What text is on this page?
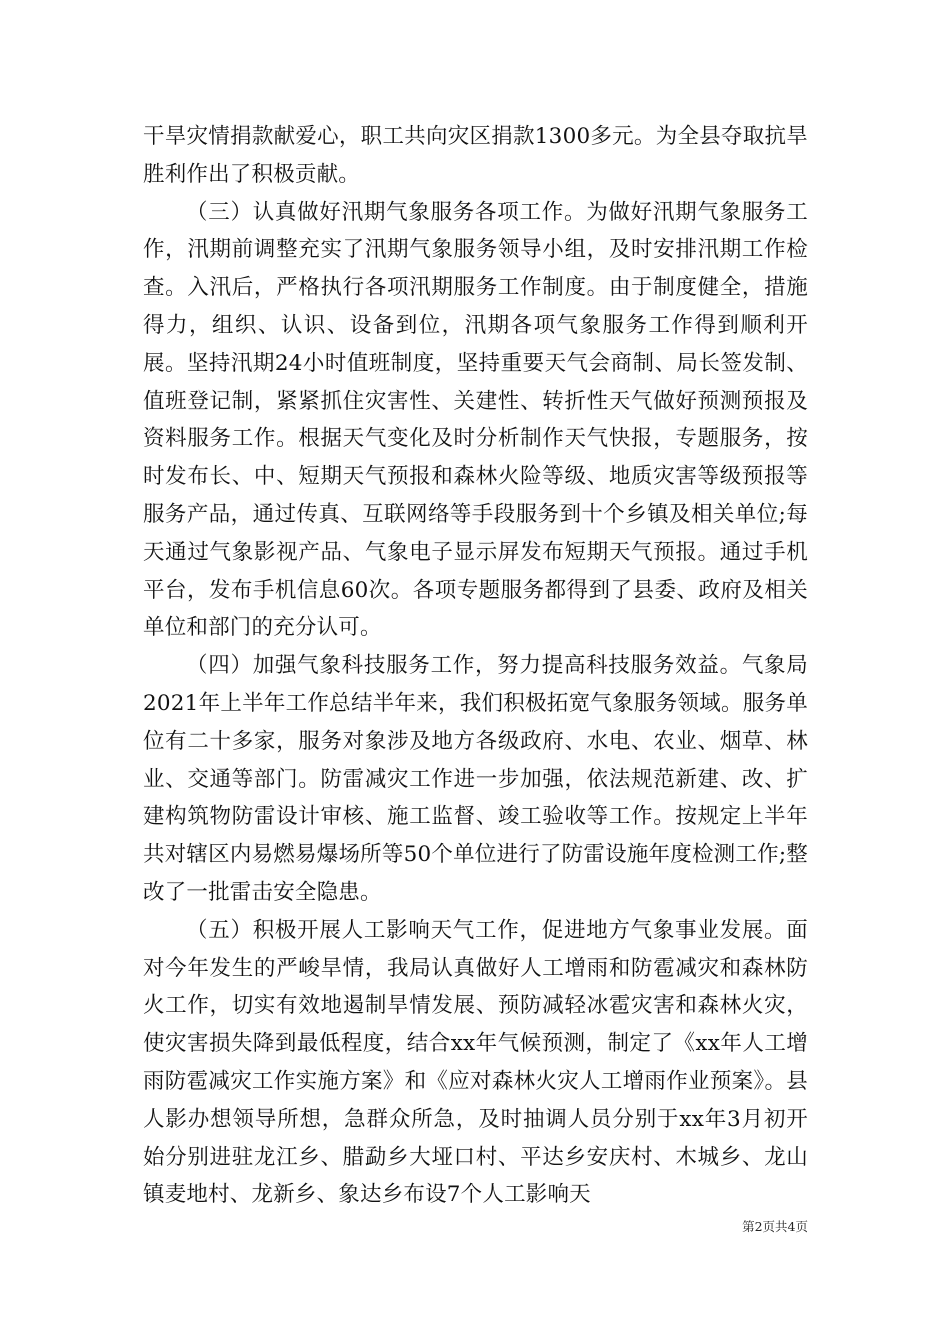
干旱灾情捐款献爱心，职工共向灾区捐款1300多元。为全县夺取抗旱胜利作出了积极贡献。

（三）认真做好汛期气象服务各项工作。为做好汛期气象服务工作，汛期前调整充实了汛期气象服务领导小组，及时安排汛期工作检查。入汛后，严格执行各项汛期服务工作制度。由于制度健全，措施得力，组织、认识、设备到位，汛期各项气象服务工作得到顺利开展。坚持汛期24小时值班制度，坚持重要天气会商制、局长签发制、值班登记制，紧紧抓住灾害性、关建性、转折性天气做好预测预报及资料服务工作。根据天气变化及时分析制作天气快报，专题服务，按时发布长、中、短期天气预报和森林火险等级、地质灾害等级预报等服务产品，通过传真、互联网络等手段服务到十个乡镇及相关单位;每天通过气象影视产品、气象电子显示屏发布短期天气预报。通过手机平台，发布手机信息60次。各项专题服务都得到了县委、政府及相关单位和部门的充分认可。

（四）加强气象科技服务工作，努力提高科技服务效益。气象局2021年上半年工作总结半年来，我们积极拓宽气象服务领域。服务单位有二十多家，服务对象涉及地方各级政府、水电、农业、烟草、林业、交通等部门。防雷减灾工作进一步加强，依法规范新建、改、扩建构筑物防雷设计审核、施工监督、竣工验收等工作。按规定上半年共对辖区内易燃易爆场所等50个单位进行了防雷设施年度检测工作;整改了一批雷击安全隐患。

（五）积极开展人工影响天气工作，促进地方气象事业发展。面对今年发生的严峻旱情，我局认真做好人工增雨和防雹减灾和森林防火工作，切实有效地遏制旱情发展、预防减轻冰雹灾害和森林火灾，使灾害损失降到最低程度，结合xx年气候预测，制定了《xx年人工增雨防雹减灾工作实施方案》和《应对森林火灾人工增雨作业预案》。县人影办想领导所想，急群众所急，及时抽调人员分别于xx年3月初开始分别进驻龙江乡、腊勐乡大垭口村、平达乡安庆村、木城乡、龙山镇麦地村、龙新乡、象达乡布设7个人工影响天

第2页共4页
